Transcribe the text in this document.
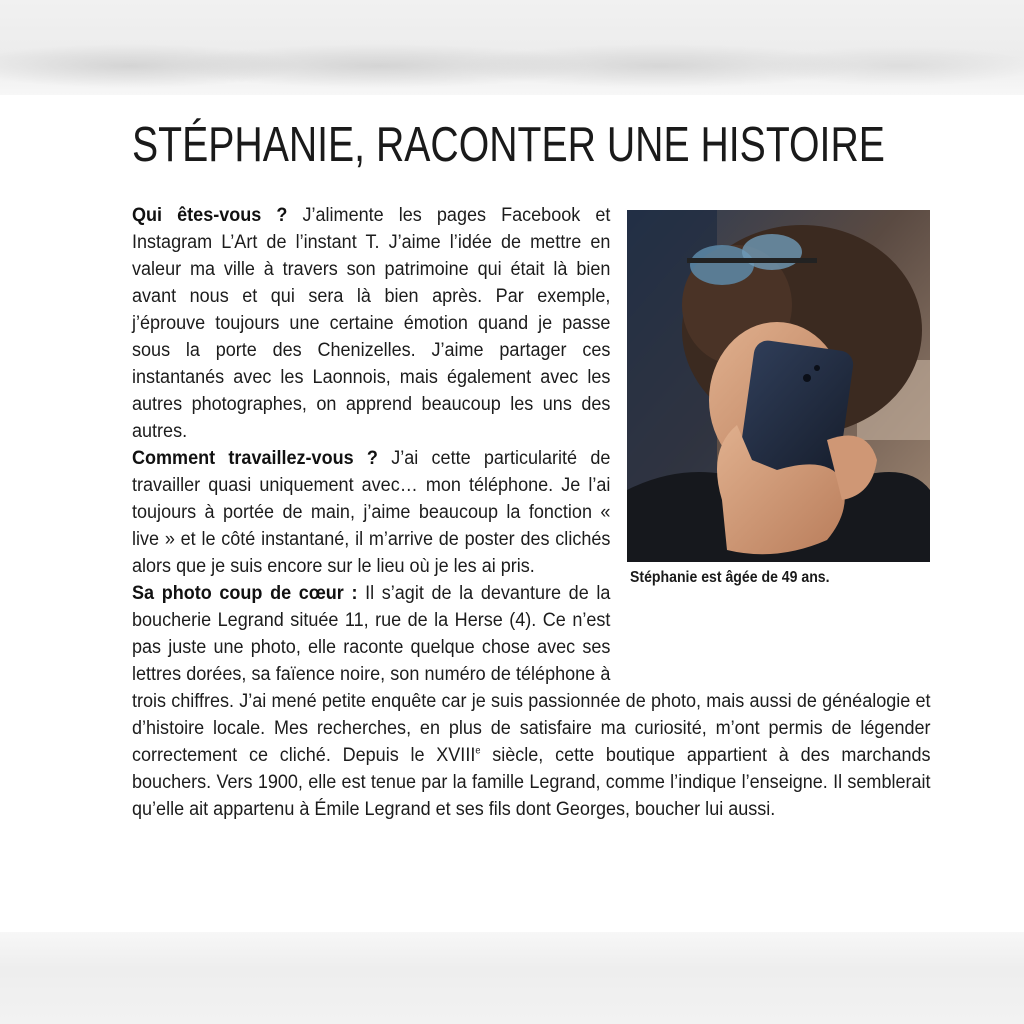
STÉPHANIE, RACONTER UNE HISTOIRE

Qui êtes-vous ? J’alimente les pages Facebook et Instagram L’Art de l’instant T. J’aime l’idée de mettre en valeur ma ville à travers son patrimoine qui était là bien avant nous et qui sera là bien après. Par exemple, j’éprouve toujours une certaine émotion quand je passe sous la porte des Chenizelles. J’aime partager ces instantanés avec les Laonnois, mais également avec les autres photographes, on apprend beaucoup les uns des autres.

Comment travaillez-vous ? J’ai cette particularité de travailler quasi uniquement avec… mon téléphone. Je l’ai toujours à portée de main, j’aime beaucoup la fonction « live » et le côté instantané, il m’arrive de poster des clichés alors que je suis encore sur le lieu où je les ai pris.

Sa photo coup de cœur : Il s’agit de la devanture de la boucherie Legrand située 11, rue de la Herse (4). Ce n’est pas juste une photo, elle raconte quelque chose avec ses lettres dorées, sa faïence noire, son numéro de téléphone à trois chiffres. J’ai mené petite enquête car je suis passionnée de photo, mais aussi de généalogie et d’histoire locale. Mes recherches, en plus de satisfaire ma curiosité, m’ont permis de légender correctement ce cliché. Depuis le XVIIIe siècle, cette boutique appartient à des marchands bouchers. Vers 1900, elle est tenue par la famille Legrand, comme l’indique l’enseigne. Il semblerait qu’elle ait appartenu à Émile Legrand et ses fils dont Georges, boucher lui aussi.

Stéphanie est âgée de 49 ans.
